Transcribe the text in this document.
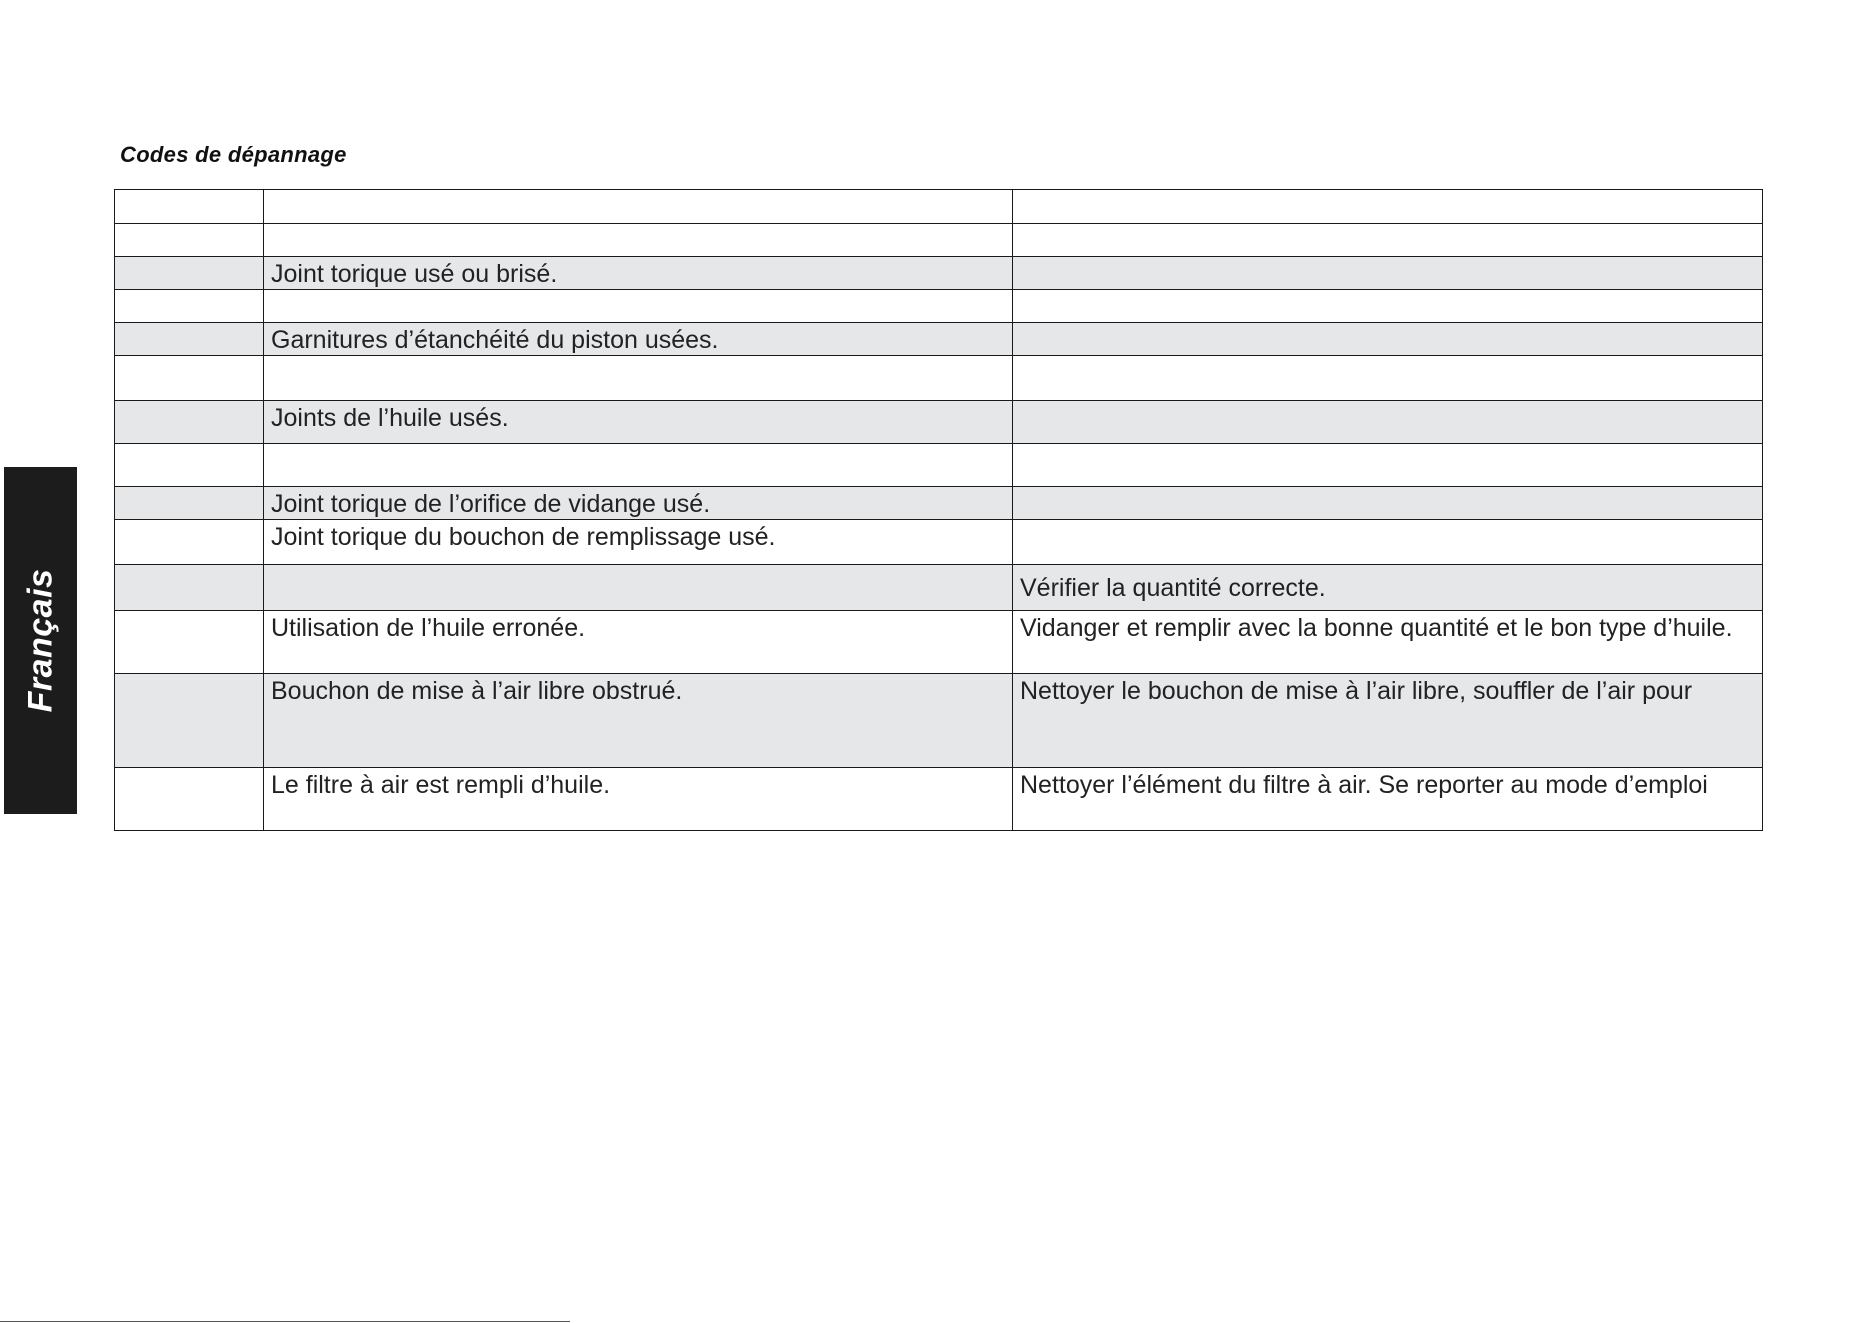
Codes de dépannage
Français

	Joint torique usé ou brisé.	

	Garnitures d’étanchéité du piston usées.	

	Joints de l’huile usés.	

	Joint torique de l’orifice de vidange usé.	
	Joint torique du bouchon de remplissage usé.	
		Vérifier la quantité correcte.
	Utilisation de l’huile erronée.	Vidanger et remplir avec la bonne quantité et le bon type d’huile.
	Bouchon de mise à l’air libre obstrué.	Nettoyer le bouchon de mise à l’air libre, souffler de l’air pour
	Le filtre à air est rempli d’huile.	Nettoyer l’élément du filtre à air. Se reporter au mode d’emploi
